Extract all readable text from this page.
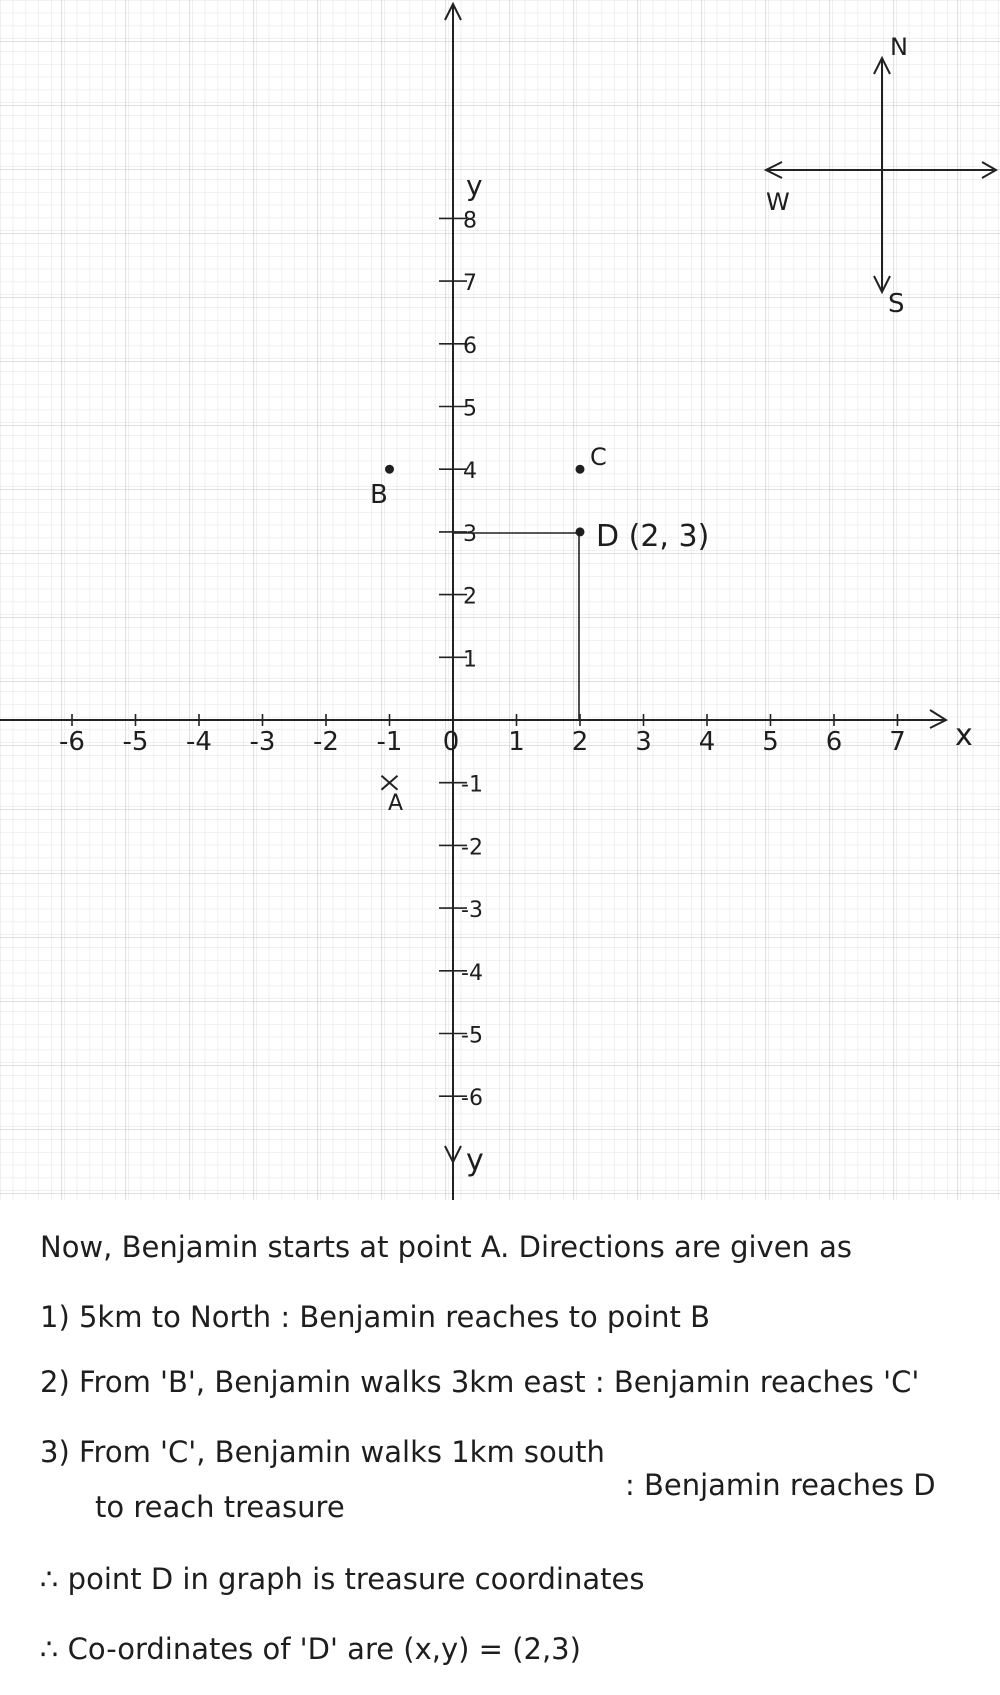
-6 -5 -4 -3 -2 -1 0 1 2 3 4 5 6 7
8
7
6
5
4
3
2
1
-1
-2
-3
-4
-5
-6
x
y
y
A
B
C
D (2, 3)
N
W
S
Now, Benjamin starts at point A. Directions are given as
1) 5km to North : Benjamin reaches to point B
2) From 'B', Benjamin walks 3km east : Benjamin reaches 'C'
3) From 'C', Benjamin walks 1km south
: Benjamin reaches D
to reach treasure
∴ point D in graph is treasure coordinates
∴ Co-ordinates of 'D' are (x,y) = (2,3)
